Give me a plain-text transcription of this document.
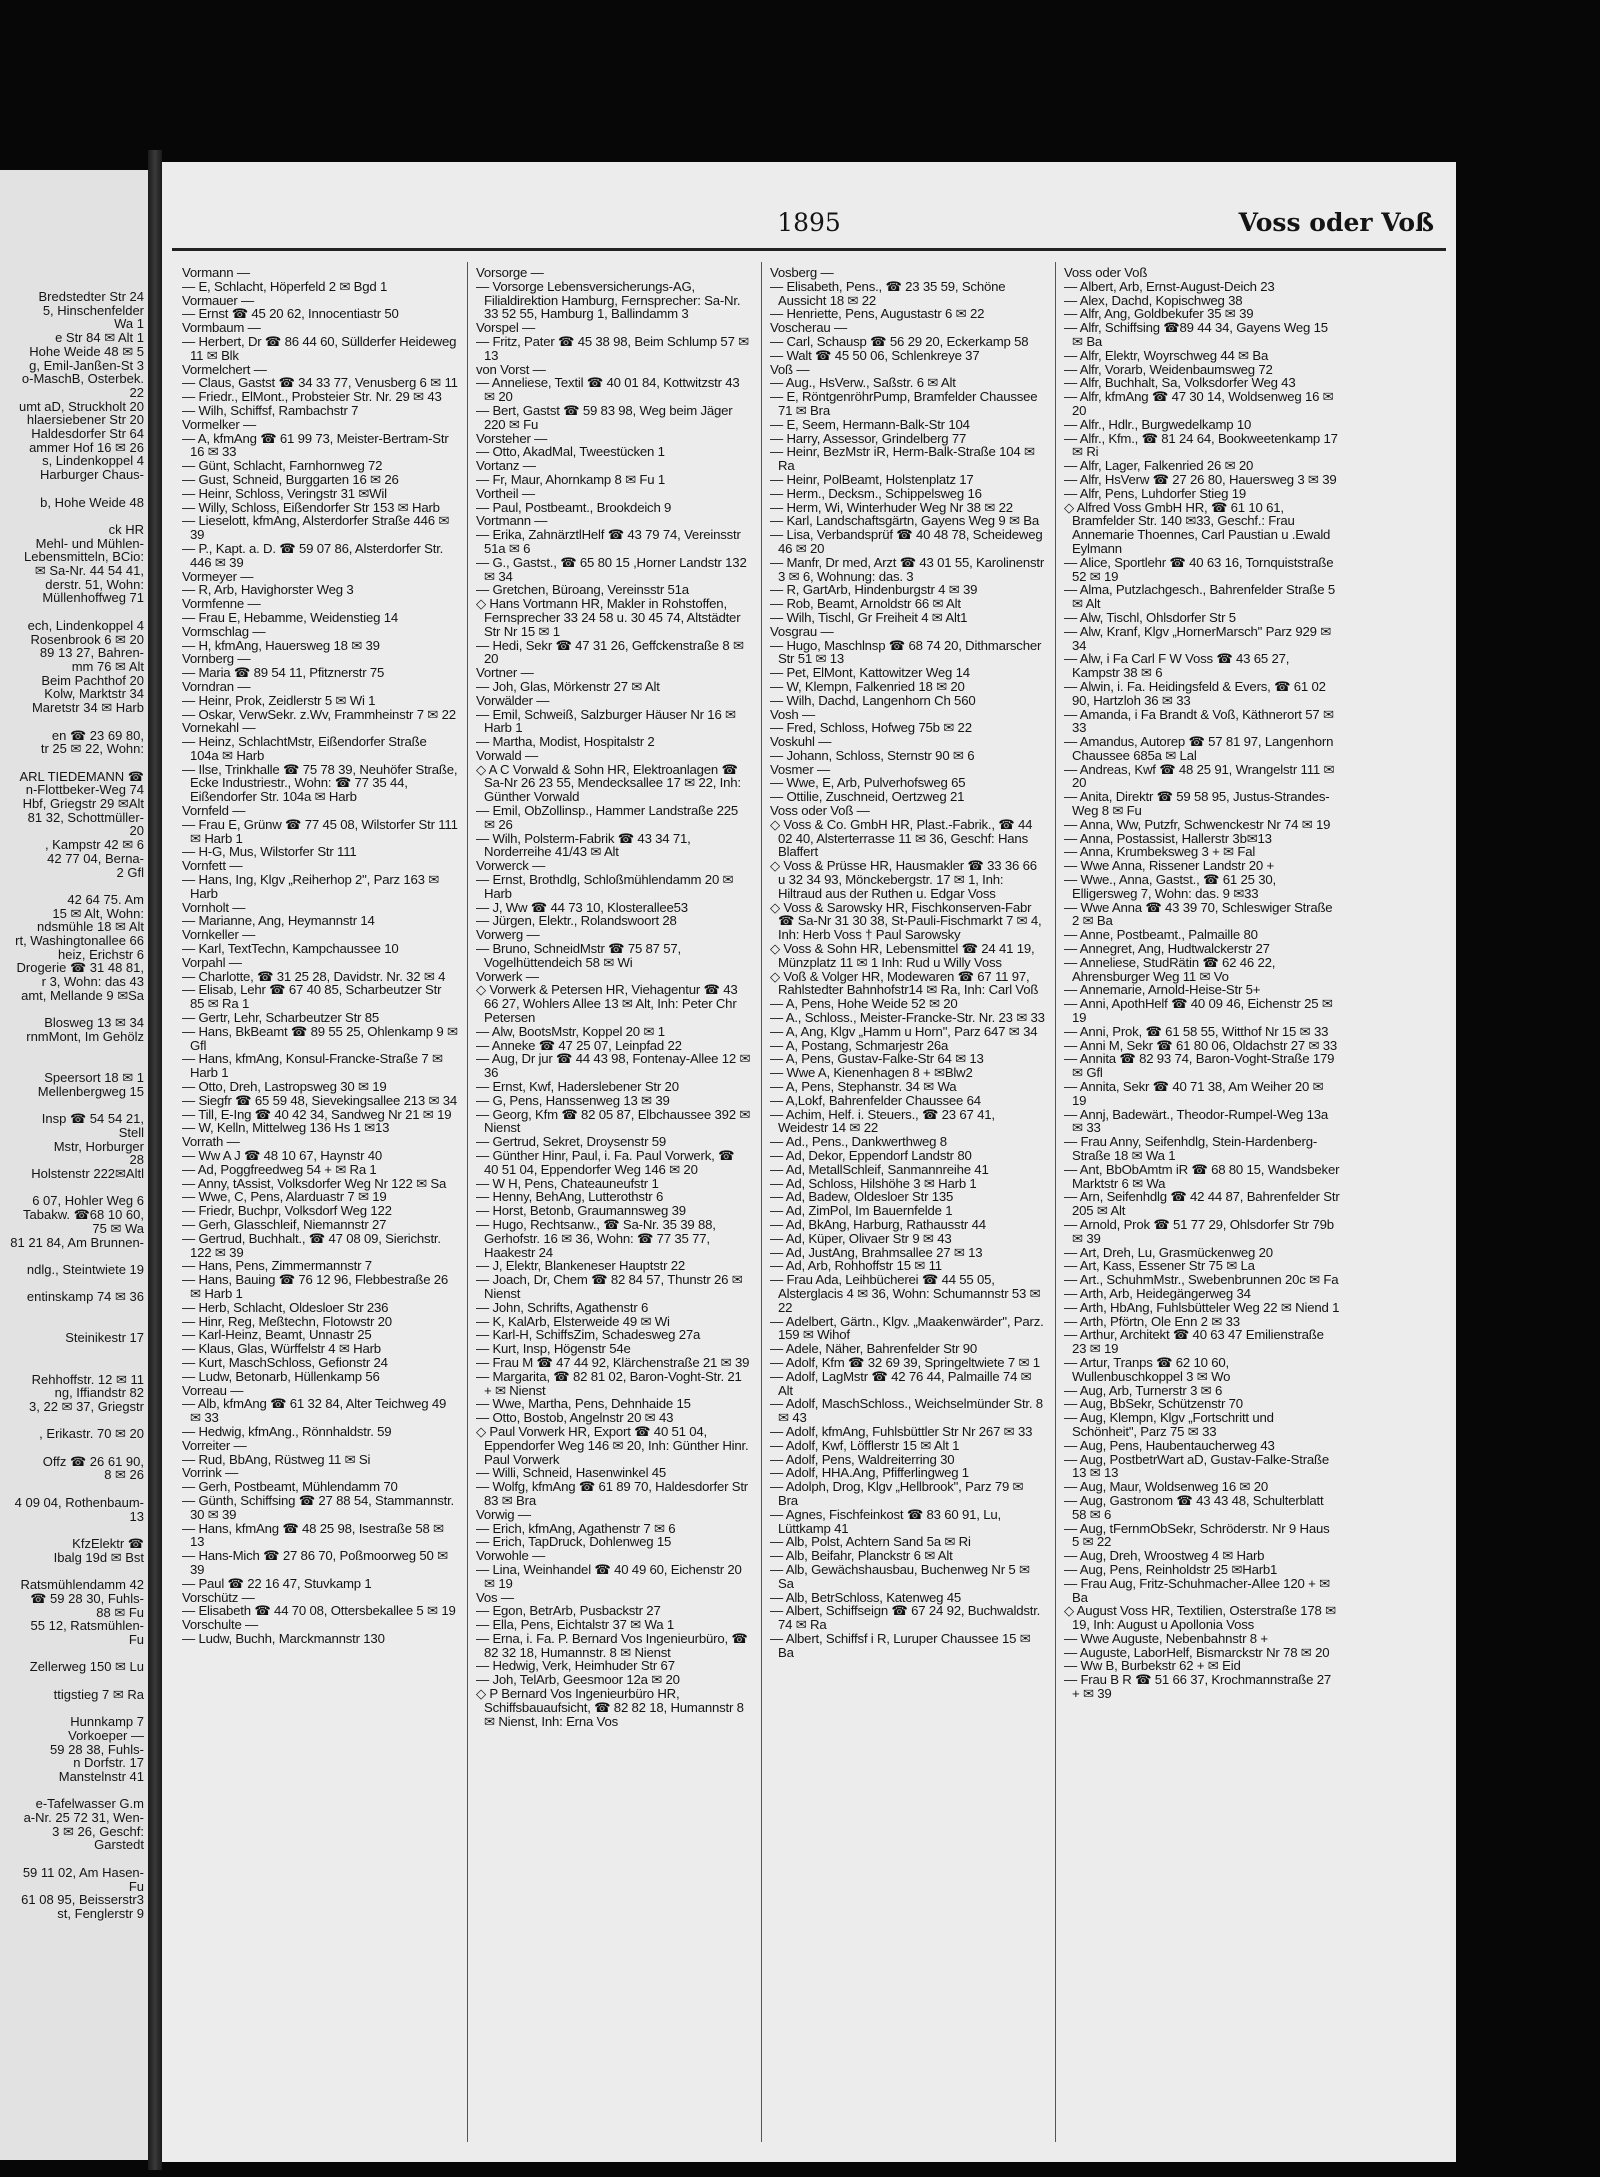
Bredstedter Str 24
5, Hinschenfelder
Wa 1
e Str 84 ✉ Alt 1
Hohe Weide 48 ✉ 5
g, Emil-Janßen-St 3
o-MaschB, Osterbek.
22
umt aD, Struckholt 20
hlaersiebener Str 20
Haldesdorfer Str 64
ammer Hof 16 ✉ 26
s, Lindenkoppel 4
Harburger Chaus-

b, Hohe Weide 48

ck HR
Mehl- und Mühlen-
Lebensmitteln, BCio:
✉ Sa-Nr. 44 54 41,
derstr. 51, Wohn:
Müllenhoffweg 71

ech, Lindenkoppel 4
Rosenbrook 6 ✉ 20
89 13 27, Bahren-
mm 76 ✉ Alt
Beim Pachthof 20
Kolw, Marktstr 34
Maretstr 34 ✉ Harb

en ☎ 23 69 80,
tr 25 ✉ 22, Wohn:

ARL TIEDEMANN ☎
n-Flottbeker-Weg 74
Hbf, Griegstr 29 ✉Alt
81 32, Schottmüller-
20
, Kampstr 42 ✉ 6
42 77 04, Berna-
2 Gfl

42 64 75. Am
15 ✉ Alt, Wohn:
ndsmühle 18 ✉ Alt
rt, Washingtonallee 66
heiz, Erichstr 6
Drogerie ☎ 31 48 81,
r 3, Wohn: das 43
amt, Mellande 9 ✉Sa

Blosweg 13 ✉ 34
rnmMont, Im Gehölz

Speersort 18 ✉ 1
Mellenbergweg 15

Insp ☎ 54 54 21,
Stell
Mstr, Horburger
28
Holstenstr 222✉Altl

6 07, Hohler Weg 6
Tabakw. ☎68 10 60,
75 ✉ Wa
81 21 84, Am Brunnen-

ndlg., Steintwiete 19

entinskamp 74 ✉ 36

Steinikestr 17

Rehhoffstr. 12 ✉ 11
ng, Iffiandstr 82
3, 22 ✉ 37, Griegstr

, Erikastr. 70 ✉ 20

Offz ☎ 26 61 90,
8 ✉ 26

4 09 04, Rothenbaum-
13

KfzElektr ☎
Ibalg 19d ✉ Bst

Ratsmühlendamm 42
☎ 59 28 30, Fuhls-
88 ✉ Fu
55 12, Ratsmühlen-
Fu

Zellerweg 150 ✉ Lu

ttigstieg 7 ✉ Ra

Hunnkamp 7
Vorkoeper —
59 28 38, Fuhls-
n Dorfstr. 17
Manstelnstr 41

e-Tafelwasser G.m
a-Nr. 25 72 31, Wen-
3 ✉ 26, Geschf:
Garstedt

59 11 02, Am Hasen-
Fu
61 08 95, Beisserstr3
st, Fenglerstr 9
1895	Voss oder Voß
Vormann —
— E, Schlacht, Höperfeld 2 ✉ Bgd 1
Vormauer —
— Ernst ☎ 45 20 62, Innocentiastr 50
Vormbaum —
— Herbert, Dr ☎ 86 44 60, Süllderfer Heideweg 11 ✉ Blk
Vormelchert —
— Claus, Gastst ☎ 34 33 77, Venusberg 6 ✉ 11
— Friedr., ElMont., Probsteier Str. Nr. 29 ✉ 43
— Wilh, Schiffsf, Rambachstr 7
Vormelker —
— A, kfmAng ☎ 61 99 73, Meister-Bertram-Str 16 ✉ 33
— Günt, Schlacht, Farnhornweg 72
— Gust, Schneid, Burggarten 16 ✉ 26
— Heinr, Schloss, Veringstr 31 ✉Wil
— Willy, Schloss, Eißendorfer Str 153 ✉ Harb
— Lieselott, kfmAng, Alsterdorfer Straße 446 ✉ 39
— P., Kapt. a. D. ☎ 59 07 86, Alsterdorfer Str. 446 ✉ 39
Vormeyer —
— R, Arb, Havighorster Weg 3
Vormfenne —
— Frau E, Hebamme, Weidenstieg 14
Vormschlag —
— H, kfmAng, Hauersweg 18 ✉ 39
Vornberg —
— Maria ☎ 89 54 11, Pfitznerstr 75
Vorndran —
— Heinr, Prok, Zeidlerstr 5 ✉ Wi 1
— Oskar, VerwSekr. z.Wv, Frammheinstr 7 ✉ 22
Vornekahl —
— Heinz, SchlachtMstr, Eißendorfer Straße 104a ✉ Harb
— Ilse, Trinkhalle ☎ 75 78 39, Neuhöfer Straße, Ecke Industriestr., Wohn: ☎ 77 35 44, Eißendorfer Str. 104a ✉ Harb
Vornfeld —
— Frau E, Grünw ☎ 77 45 08, Wilstorfer Str 111 ✉ Harb 1
— H-G, Mus, Wilstorfer Str 111
Vornfett —
— Hans, Ing, Klgv „Reiherhop 2", Parz 163 ✉ Harb
Vornholt —
— Marianne, Ang, Heymannstr 14
Vornkeller —
— Karl, TextTechn, Kampchaussee 10
Vorpahl —
— Charlotte, ☎ 31 25 28, Davidstr. Nr. 32 ✉ 4
— Elisab, Lehr ☎ 67 40 85, Scharbeutzer Str 85 ✉ Ra 1
— Gertr, Lehr, Scharbeutzer Str 85
— Hans, BkBeamt ☎ 89 55 25, Ohlenkamp 9 ✉ Gfl
— Hans, kfmAng, Konsul-Francke-Straße 7 ✉ Harb 1
— Otto, Dreh, Lastropsweg 30 ✉ 19
— Siegfr ☎ 65 59 48, Sievekingsallee 213 ✉ 34
— Till, E-Ing ☎ 40 42 34, Sandweg Nr 21 ✉ 19
— W, Kelln, Mittelweg 136 Hs 1 ✉13
Vorrath —
— Ww A J ☎ 48 10 67, Haynstr 40
— Ad, Poggfreedweg 54 + ✉ Ra 1
— Anny, tAssist, Volksdorfer Weg Nr 122 ✉ Sa
— Wwe, C, Pens, Alarduastr 7 ✉ 19
— Friedr, Buchpr, Volksdorf Weg 122
— Gerh, Glasschleif, Niemannstr 27
— Gertrud, Buchhalt., ☎ 47 08 09, Sierichstr. 122 ✉ 39
— Hans, Pens, Zimmermannstr 7
— Hans, Bauing ☎ 76 12 96, Flebbestraße 26 ✉ Harb 1
— Herb, Schlacht, Oldesloer Str 236
— Hinr, Reg, Meßtechn, Flotowstr 20
— Karl-Heinz, Beamt, Unnastr 25
— Klaus, Glas, Würffelstr 4 ✉ Harb
— Kurt, MaschSchloss, Gefionstr 24
— Ludw, Betonarb, Hüllenkamp 56
Vorreau —
— Alb, kfmAng ☎ 61 32 84, Alter Teichweg 49 ✉ 33
— Hedwig, kfmAng., Rönnhaldstr. 59
Vorreiter —
— Rud, BbAng, Rüstweg 11 ✉ Si
Vorrink —
— Gerh, Postbeamt, Mühlendamm 70
— Günth, Schiffsing ☎ 27 88 54, Stammannstr. 30 ✉ 39
— Hans, kfmAng ☎ 48 25 98, Isestraße 58 ✉ 13
— Hans-Mich ☎ 27 86 70, Poßmoorweg 50 ✉ 39
— Paul ☎ 22 16 47, Stuvkamp 1
Vorschütz —
— Elisabeth ☎ 44 70 08, Ottersbekallee 5 ✉ 19
Vorschulte —
— Ludw, Buchh, Marckmannstr 130
Vorsorge —
— Vorsorge Lebensversicherungs-AG, Filialdirektion Hamburg, Fernsprecher: Sa-Nr. 33 52 55, Hamburg 1, Ballindamm 3
Vorspel —
— Fritz, Pater ☎ 45 38 98, Beim Schlump 57 ✉ 13
von Vorst —
— Anneliese, Textil ☎ 40 01 84, Kottwitzstr 43 ✉ 20
— Bert, Gastst ☎ 59 83 98, Weg beim Jäger 220 ✉ Fu
Vorsteher —
— Otto, AkadMal, Tweestücken 1
Vortanz —
— Fr, Maur, Ahornkamp 8 ✉ Fu 1
Vortheil —
— Paul, Postbeamt., Brookdeich 9
Vortmann —
— Erika, ZahnärztlHelf ☎ 43 79 74, Vereinsstr 51a ✉ 6
— G., Gastst., ☎ 65 80 15 ,Horner Landstr 132 ✉ 34
— Gretchen, Büroang, Vereinsstr 51a
◇ Hans Vortmann HR, Makler in Rohstoffen, Fernsprecher 33 24 58 u. 30 45 74, Altstädter Str Nr 15 ✉ 1
— Hedi, Sekr ☎ 47 31 26, Geffckenstraße 8 ✉ 20
Vortner —
— Joh, Glas, Mörkenstr 27 ✉ Alt
Vorwälder —
— Emil, Schweiß, Salzburger Häuser Nr 16 ✉ Harb 1
— Martha, Modist, Hospitalstr 2
Vorwald —
◇ A C Vorwald & Sohn HR, Elektroanlagen ☎ Sa-Nr 26 23 55, Mendecksallee 17 ✉ 22, Inh: Günther Vorwald
— Emil, ObZollinsp., Hammer Landstraße 225 ✉ 26
— Wilh, Polsterm-Fabrik ☎ 43 34 71, Norderreihe 41/43 ✉ Alt
Vorwerck —
— Ernst, Brothdlg, Schloßmühlendamm 20 ✉ Harb
— J, Ww ☎ 44 73 10, Klosterallee53
— Jürgen, Elektr., Rolandswoort 28
Vorwerg —
— Bruno, SchneidMstr ☎ 75 87 57, Vogelhüttendeich 58 ✉ Wi
Vorwerk —
◇ Vorwerk & Petersen HR, Viehagentur ☎ 43 66 27, Wohlers Allee 13 ✉ Alt, Inh: Peter Chr Petersen
— Alw, BootsMstr, Koppel 20 ✉ 1
— Anneke ☎ 47 25 07, Leinpfad 22
— Aug, Dr jur ☎ 44 43 98, Fontenay-Allee 12 ✉ 36
— Ernst, Kwf, Haderslebener Str 20
— G, Pens, Hanssenweg 13 ✉ 39
— Georg, Kfm ☎ 82 05 87, Elbchaussee 392 ✉ Nienst
— Gertrud, Sekret, Droysenstr 59
— Günther Hinr, Paul, i. Fa. Paul Vorwerk, ☎ 40 51 04, Eppendorfer Weg 146 ✉ 20
— W H, Pens, Chateauneufstr 1
— Henny, BehAng, Lutterothstr 6
— Horst, Betonb, Graumannsweg 39
— Hugo, Rechtsanw., ☎ Sa-Nr. 35 39 88, Gerhofstr. 16 ✉ 36, Wohn: ☎ 77 35 77, Haakestr 24
— J, Elektr, Blankeneser Hauptstr 22
— Joach, Dr, Chem ☎ 82 84 57, Thunstr 26 ✉ Nienst
— John, Schrifts, Agathenstr 6
— K, KalArb, Elsterweide 49 ✉ Wi
— Karl-H, SchiffsZim, Schadesweg 27a
— Kurt, Insp, Högenstr 54e
— Frau M ☎ 47 44 92, Klärchenstraße 21 ✉ 39
— Margarita, ☎ 82 81 02, Baron-Voght-Str. 21 + ✉ Nienst
— Wwe, Martha, Pens, Dehnhaide 15
— Otto, Bostob, Angelnstr 20 ✉ 43
◇ Paul Vorwerk HR, Export ☎ 40 51 04, Eppendorfer Weg 146 ✉ 20, Inh: Günther Hinr. Paul Vorwerk
— Willi, Schneid, Hasenwinkel 45
— Wolfg, kfmAng ☎ 61 89 70, Haldesdorfer Str 83 ✉ Bra
Vorwig —
— Erich, kfmAng, Agathenstr 7 ✉ 6
— Erich, TapDruck, Dohlenweg 15
Vorwohle —
— Lina, Weinhandel ☎ 40 49 60, Eichenstr 20 ✉ 19
Vos —
— Egon, BetrArb, Pusbackstr 27
— Ella, Pens, Eichtalstr 37 ✉ Wa 1
— Erna, i. Fa. P. Bernard Vos Ingenieurbüro, ☎ 82 32 18, Humannstr. 8 ✉ Nienst
— Hedwig, Verk, Heimhuder Str 67
— Joh, TelArb, Geesmoor 12a ✉ 20
◇ P Bernard Vos Ingenieurbüro HR, Schiffsbauaufsicht, ☎ 82 82 18, Humannstr 8 ✉ Nienst, Inh: Erna Vos
Vosberg —
— Elisabeth, Pens., ☎ 23 35 59, Schöne Aussicht 18 ✉ 22
— Henriette, Pens, Augustastr 6 ✉ 22
Voscherau —
— Carl, Schausp ☎ 56 29 20, Eckerkamp 58
— Walt ☎ 45 50 06, Schlenkreye 37
Voß —
— Aug., HsVerw., Saßstr. 6 ✉ Alt
— E, RöntgenröhrPump, Bramfelder Chaussee 71 ✉ Bra
— E, Seem, Hermann-Balk-Str 104
— Harry, Assessor, Grindelberg 77
— Heinr, BezMstr iR, Herm-Balk-Straße 104 ✉ Ra
— Heinr, PolBeamt, Holstenplatz 17
— Herm., Decksm., Schippelsweg 16
— Herm, Wi, Winterhuder Weg Nr 38 ✉ 22
— Karl, Landschaftsgärtn, Gayens Weg 9 ✉ Ba
— Lisa, Verbandsprüf ☎ 40 48 78, Scheideweg 46 ✉ 20
— Manfr, Dr med, Arzt ☎ 43 01 55, Karolinenstr 3 ✉ 6, Wohnung: das. 3
— R, GartArb, Hindenburgstr 4 ✉ 39
— Rob, Beamt, Arnoldstr 66 ✉ Alt
— Wilh, Tischl, Gr Freiheit 4 ✉ Alt1
Vosgrau —
— Hugo, Maschlnsp ☎ 68 74 20, Dithmarscher Str 51 ✉ 13
— Pet, ElMont, Kattowitzer Weg 14
— W, Klempn, Falkenried 18 ✉ 20
— Wilh, Dachd, Langenhorn Ch 560
Vosh —
— Fred, Schloss, Hofweg 75b ✉ 22
Voskuhl —
— Johann, Schloss, Sternstr 90 ✉ 6
Vosmer —
— Wwe, E, Arb, Pulverhofsweg 65
— Ottilie, Zuschneid, Oertzweg 21
Voss oder Voß —
◇ Voss & Co. GmbH HR, Plast.-Fabrik., ☎ 44 02 40, Alsterterrasse 11 ✉ 36, Geschf: Hans Blaffert
◇ Voss & Prüsse HR, Hausmakler ☎ 33 36 66 u 32 34 93, Mönckebergstr. 17 ✉ 1, Inh: Hiltraud aus der Ruthen u. Edgar Voss
◇ Voss & Sarowsky HR, Fischkonserven-Fabr ☎ Sa-Nr 31 30 38, St-Pauli-Fischmarkt 7 ✉ 4, Inh: Herb Voss † Paul Sarowsky
◇ Voss & Sohn HR, Lebensmittel ☎ 24 41 19, Münzplatz 11 ✉ 1 Inh: Rud u Willy Voss
◇ Voß & Volger HR, Modewaren ☎ 67 11 97, Rahlstedter Bahnhofstr14 ✉ Ra, Inh: Carl Voß
— A, Pens, Hohe Weide 52 ✉ 20
— A., Schloss., Meister-Francke-Str. Nr. 23 ✉ 33
— A, Ang, Klgv „Hamm u Horn", Parz 647 ✉ 34
— A, Postang, Schmarjestr 26a
— A, Pens, Gustav-Falke-Str 64 ✉ 13
— Wwe A, Kienenhagen 8 + ✉Blw2
— A, Pens, Stephanstr. 34 ✉ Wa
— A,Lokf, Bahrenfelder Chaussee 64
— Achim, Helf. i. Steuers., ☎ 23 67 41, Weidestr 14 ✉ 22
— Ad., Pens., Dankwerthweg 8
— Ad, Dekor, Eppendorf Landstr 80
— Ad, MetallSchleif, Sanmannreihe 41
— Ad, Schloss, Hilshöhe 3 ✉ Harb 1
— Ad, Badew, Oldesloer Str 135
— Ad, ZimPol, Im Bauernfelde 1
— Ad, BkAng, Harburg, Rathausstr 44
— Ad, Küper, Olivaer Str 9 ✉ 43
— Ad, JustAng, Brahmsallee 27 ✉ 13
— Ad, Arb, Rohhoffstr 15 ✉ 11
— Frau Ada, Leihbücherei ☎ 44 55 05, Alsterglacis 4 ✉ 36, Wohn: Schumannstr 53 ✉ 22
— Adelbert, Gärtn., Klgv. „Maakenwärder", Parz. 159 ✉ Wihof
— Adele, Näher, Bahrenfelder Str 90
— Adolf, Kfm ☎ 32 69 39, Springeltwiete 7 ✉ 1
— Adolf, LagMstr ☎ 42 76 44, Palmaille 74 ✉ Alt
— Adolf, MaschSchloss., Weichselmünder Str. 8 ✉ 43
— Adolf, kfmAng, Fuhlsbüttler Str Nr 267 ✉ 33
— Adolf, Kwf, Löfflerstr 15 ✉ Alt 1
— Adolf, Pens, Waldreiterring 30
— Adolf, HHA.Ang, Pfifferlingweg 1
— Adolph, Drog, Klgv „Hellbrook", Parz 79 ✉ Bra
— Agnes, Fischfeinkost ☎ 83 60 91, Lu, Lüttkamp 41
— Alb, Polst, Achtern Sand 5a ✉ Ri
— Alb, Beifahr, Planckstr 6 ✉ Alt
— Alb, Gewächshausbau, Buchenweg Nr 5 ✉ Sa
— Alb, BetrSchloss, Katenweg 45
— Albert, Schiffseign ☎ 67 24 92, Buchwaldstr. 74 ✉ Ra
— Albert, Schiffsf i R, Luruper Chaussee 15 ✉ Ba
Voss oder Voß
— Albert, Arb, Ernst-August-Deich 23
— Alex, Dachd, Kopischweg 38
— Alfr, Ang, Goldbekufer 35 ✉ 39
— Alfr, Schiffsing ☎89 44 34, Gayens Weg 15 ✉ Ba
— Alfr, Elektr, Woyrschweg 44 ✉ Ba
— Alfr, Vorarb, Weidenbaumsweg 72
— Alfr, Buchhalt, Sa, Volksdorfer Weg 43
— Alfr, kfmAng ☎ 47 30 14, Woldsenweg 16 ✉ 20
— Alfr., Hdlr., Burgwedelkamp 10
— Alfr., Kfm., ☎ 81 24 64, Bookweetenkamp 17 ✉ Ri
— Alfr, Lager, Falkenried 26 ✉ 20
— Alfr, HsVerw ☎ 27 26 80, Hauersweg 3 ✉ 39
— Alfr, Pens, Luhdorfer Stieg 19
◇ Alfred Voss GmbH HR, ☎ 61 10 61, Bramfelder Str. 140 ✉33, Geschf.: Frau Annemarie Thoennes, Carl Paustian u .Ewald Eylmann
— Alice, Sportlehr ☎ 40 63 16, Tornquiststraße 52 ✉ 19
— Alma, Putzlachgesch., Bahrenfelder Straße 5 ✉ Alt
— Alw, Tischl, Ohlsdorfer Str 5
— Alw, Kranf, Klgv „HornerMarsch" Parz 929 ✉ 34
— Alw, i Fa Carl F W Voss ☎ 43 65 27, Kampstr 38 ✉ 6
— Alwin, i. Fa. Heidingsfeld & Evers, ☎ 61 02 90, Hartzloh 36 ✉ 33
— Amanda, i Fa Brandt & Voß, Käthnerort 57 ✉ 33
— Amandus, Autorep ☎ 57 81 97, Langenhorn Chaussee 685a ✉ Lal
— Andreas, Kwf ☎ 48 25 91, Wrangelstr 111 ✉ 20
— Anita, Direktr ☎ 59 58 95, Justus-Strandes-Weg 8 ✉ Fu
— Anna, Ww, Putzfr, Schwenckestr Nr 74 ✉ 19
— Anna, Postassist, Hallerstr 3b✉13
— Anna, Krumbeksweg 3 + ✉ Fal
— Wwe Anna, Rissener Landstr 20 +
— Wwe., Anna, Gastst., ☎ 61 25 30, Elligersweg 7, Wohn: das. 9 ✉33
— Wwe Anna ☎ 43 39 70, Schleswiger Straße 2 ✉ Ba
— Anne, Postbeamt., Palmaille 80
— Annegret, Ang, Hudtwalckerstr 27
— Anneliese, StudRätin ☎ 62 46 22, Ahrensburger Weg 11 ✉ Vo
— Annemarie, Arnold-Heise-Str 5+
— Anni, ApothHelf ☎ 40 09 46, Eichenstr 25 ✉ 19
— Anni, Prok, ☎ 61 58 55, Witthof Nr 15 ✉ 33
— Anni M, Sekr ☎ 61 80 06, Oldachstr 27 ✉ 33
— Annita ☎ 82 93 74, Baron-Voght-Straße 179 ✉ Gfl
— Annita, Sekr ☎ 40 71 38, Am Weiher 20 ✉ 19
— Annj, Badewärt., Theodor-Rumpel-Weg 13a ✉ 33
— Frau Anny, Seifenhdlg, Stein-Hardenberg-Straße 18 ✉ Wa 1
— Ant, BbObAmtm iR ☎ 68 80 15, Wandsbeker Marktstr 6 ✉ Wa
— Arn, Seifenhdlg ☎ 42 44 87, Bahrenfelder Str 205 ✉ Alt
— Arnold, Prok ☎ 51 77 29, Ohlsdorfer Str 79b ✉ 39
— Art, Dreh, Lu, Grasmückenweg 20
— Art, Kass, Essener Str 75 ✉ La
— Art., SchuhmMstr., Swebenbrunnen 20c ✉ Fa
— Arth, Arb, Heidegängerweg 34
— Arth, HbAng, Fuhlsbütteler Weg 22 ✉ Niend 1
— Arth, Pförtn, Ole Enn 2 ✉ 33
— Arthur, Architekt ☎ 40 63 47 Emilienstraße 23 ✉ 19
— Artur, Tranps ☎ 62 10 60, Wullenbuschkoppel 3 ✉ Wo
— Aug, Arb, Turnerstr 3 ✉ 6
— Aug, BbSekr, Schützenstr 70
— Aug, Klempn, Klgv „Fortschritt und Schönheit", Parz 75 ✉ 33
— Aug, Pens, Haubentaucherweg 43
— Aug, PostbetrWart aD, Gustav-Falke-Straße 13 ✉ 13
— Aug, Maur, Woldsenweg 16 ✉ 20
— Aug, Gastronom ☎ 43 43 48, Schulterblatt 58 ✉ 6
— Aug, tFernmObSekr, Schröderstr. Nr 9 Haus 5 ✉ 22
— Aug, Dreh, Wroostweg 4 ✉ Harb
— Aug, Pens, Reinholdstr 25 ✉Harb1
— Frau Aug, Fritz-Schuhmacher-Allee 120 + ✉ Ba
◇ August Voss HR, Textilien, Osterstraße 178 ✉ 19, Inh: August u Apollonia Voss
— Wwe Auguste, Nebenbahnstr 8 +
— Auguste, LaborHelf, Bismarckstr Nr 78 ✉ 20
— Ww B, Burbekstr 62 + ✉ Eid
— Frau B R ☎ 51 66 37, Krochmannstraße 27 + ✉ 39
